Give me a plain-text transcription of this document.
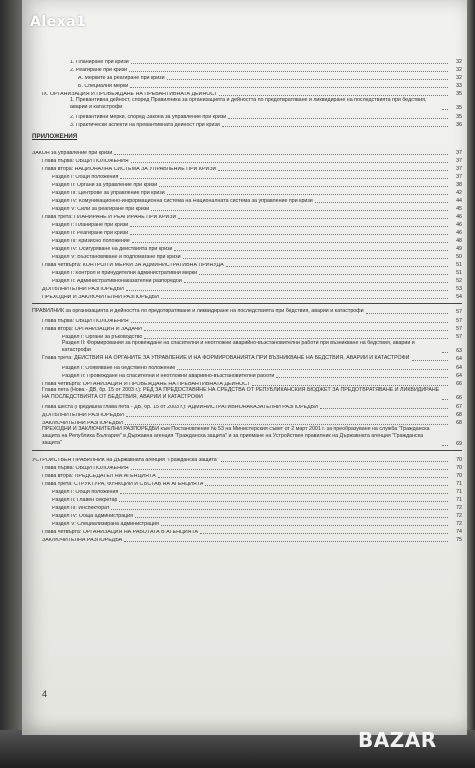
1. Планиране при кризи	32
2. Реагиране при кризи	32
А. Мерките за реагиране при кризи	32
Б. Специални мерки	33
IX. ОРГАНИЗАЦИЯ И ПРОВЕЖДАНЕ НА ПРЕВАНТИВНАТА ДЕЙНОСТ	35
1. Превантивна дейност, според Правилника за организацията и дейността по предотвратяване и ликвидиране на последствията при бедствия, аварии и катастрофи	35
2. Превантивни мерки, според Закона за управление при кризи	35
3. Практически аспекти на превантивната дейност при кризи	36
ПРИЛОЖЕНИЯ
ЗАКОН за управление при кризи	37
Глава първа: ОБЩИ ПОЛОЖЕНИЯ	37
Глава втора: НАЦИОНАЛНА СИСТЕМА ЗА УПРАВЛЕНИЕ ПРИ КРИЗИ	37
Раздел I: Общи положения	37
Раздел II: Органи за управление при кризи	38
Раздел III: Центрове за управление при кризи	42
Раздел IV: Комуникационно-информационна система на Националната система за управление при кризи	44
Раздел V: Сили за реагиране при кризи	45
Глава трета: ПЛАНИРАНЕ И РЕАГИРАНЕ ПРИ КРИЗИ	46
Раздел I: Планиране при кризи	46
Раздел II: Реагиране при кризи	46
Раздел III: Кризисно положение	48
Раздел IV: Осигуряване на действията при кризи	49
Раздел V: Възстановяване и подпомагане при кризи	50
Глава четвърта: КОНТРОЛ И МЕРКИ ЗА АДМИНИСТРАТИВНА ПРИНУДА	51
Раздел I: Контрол и принудителни административни мерки	51
Раздел II: Административнонаказателни разпоредби	52
ДОПЪЛНИТЕЛНИ РАЗПОРЕДБИ	53
ПРЕХОДНИ И ЗАКЛЮЧИТЕЛНИ РАЗПОРЕДБИ	54
ПРАВИЛНИК за организацията и дейността по предотвратяване и ликвидиране на последствията при бедствия, аварии и катастрофи	57
Глава първа: ОБЩИ ПОЛОЖЕНИЯ	57
Глава втора: ОРГАНИЗАЦИЯ И ЗАДАЧИ	57
Раздел I: Органи за ръководство	57
Раздел II: Формирования за провеждане на спасителни и неотложни аварийно-възстановителни работи при възникване на бедствия, аварии и катастрофи	63
Глава трета: ДЕЙСТВИЯ НА ОРГАНИТЕ ЗА УПРАВЛЕНИЕ И НА ФОРМИРОВАНИЯТА ПРИ ВЪЗНИКВАНЕ НА БЕДСТВИЯ, АВАРИИ И КАТАСТРОФИ	64
Раздел I: Обявяване на бедствено положение	64
Раздел II: Провеждане на спасителни и неотложни аварийно-възстановителни работи	64
Глава четвърта: ОРГАНИЗАЦИЯ И ПРОВЕЖДАНЕ НА ПРЕВАНТИВНАТА ДЕЙНОСТ	66
Глава пета (Нова - ДВ, бр. 15 от 2003 г.): РЕД ЗА ПРЕДОСТАВЯНЕ НА СРЕДСТВА ОТ РЕПУБЛИКАНСКИЯ БЮДЖЕТ ЗА ПРЕДОТВРАТЯВАНЕ И ЛИКВИДИРАНЕ НА ПОСЛЕДСТВИЯТА ОТ БЕДСТВИЯ, АВАРИИ И КАТАСТРОФИ	66
Глава шеста (Предишна глава пета - ДВ, бр. 15 от 2003 г.): АДМИНИСТРАТИВНОНАКАЗАТЕЛНИ РАЗПОРЕДБИ	67
ДОПЪЛНИТЕЛНИ РАЗПОРЕДБИ	68
ЗАКЛЮЧИТЕЛНИ РАЗПОРЕДБИ	68
ПРЕХОДНИ И ЗАКЛЮЧИТЕЛНИ РАЗПОРЕДБИ към Постановление № 53 на Министерския съвет от 2 март 2001 г. за преобразуване на служба "Гражданска защита на Република България" в Държавна агенция "Гражданска защита" и за приемане на Устройствен правилник на Държавната агенция "Гражданска защита"	69
УСТРОЙСТВЕН ПРАВИЛНИК на Държавната агенция "Гражданска защита"	70
Глава първа: ОБЩИ ПОЛОЖЕНИЯ	70
Глава втора: ПРЕДСЕДАТЕЛ НА АГЕНЦИЯТА	70
Глава трета: СТРУКТУРА, ФУНКЦИИ И СЪСТАВ НА АГЕНЦИЯТА	71
Раздел I: Общи положения	71
Раздел II: Главен секретар	71
Раздел III: Инспекторат	72
Раздел IV: Обща администрация	72
Раздел V: Специализирана администрация	72
Глава четвърта: ОРГАНИЗАЦИЯ НА РАБОТАТА В АГЕНЦИЯТА	74
ЗАКЛЮЧИТЕЛНА РАЗПОРЕДБА	75
4
Alexa1
BAZAR
